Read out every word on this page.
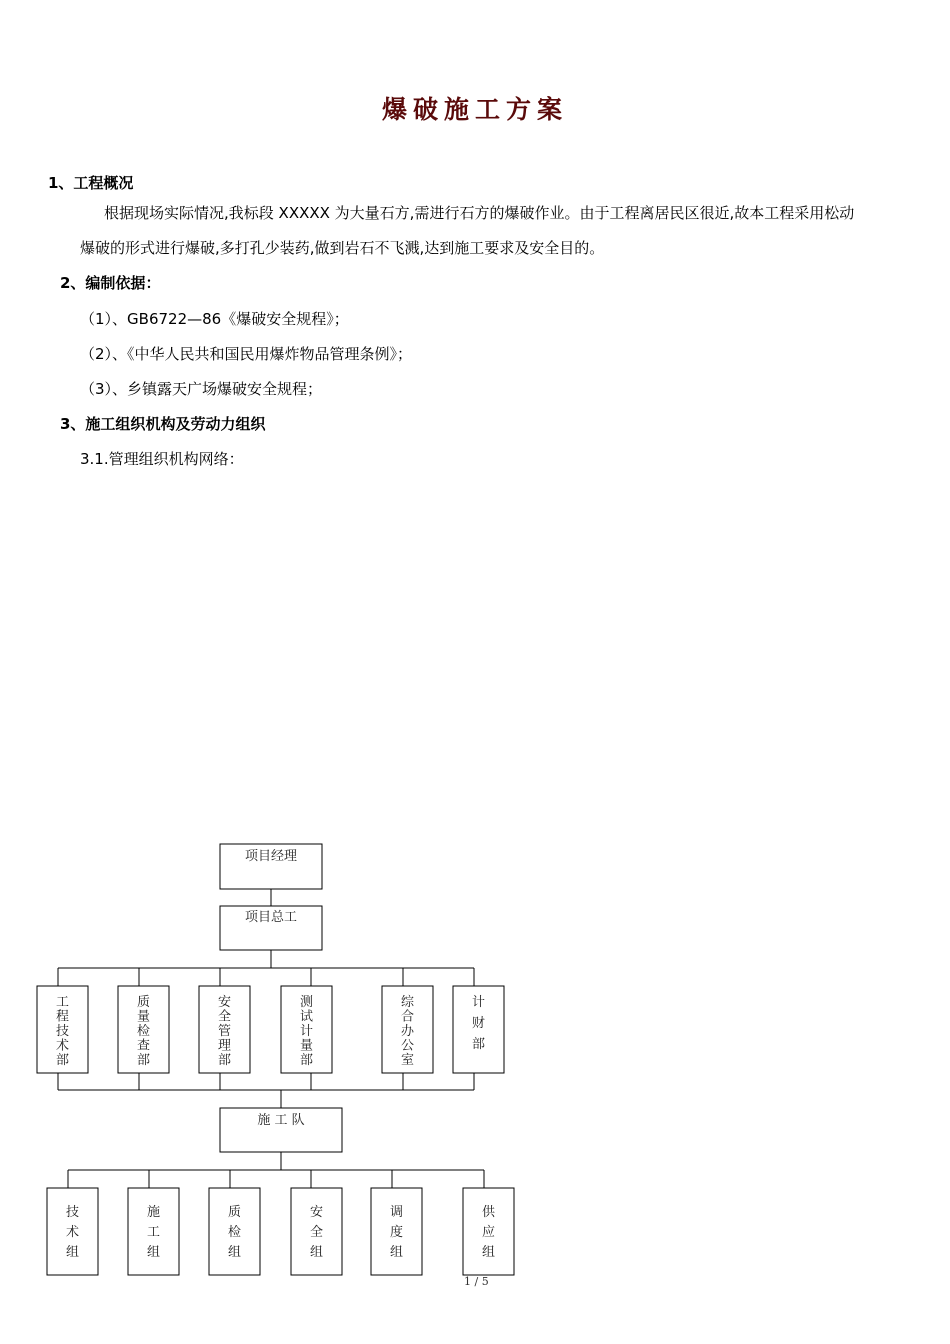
爆破施工方案
1、工程概况
根据现场实际情况,我标段 XXXXX 为大量石方,需进行石方的爆破作业。由于工程离居民区很近,故本工程采用松动
爆破的形式进行爆破,多打孔少装药,做到岩石不飞溅,达到施工要求及安全目的。
2、编制依据：
（1）、GB6722—86《爆破安全规程》；
（2）、《中华人民共和国民用爆炸物品管理条例》；
（3）、乡镇露天广场爆破安全规程；
3、施工组织机构及劳动力组织
3.1.管理组织机构网络：
项目经理
项目总工
工
程
技
术
部
质
量
检
查
部
安
全
管
理
部
测
试
计
量
部
综
合
办
公
室
计
财
部
施 工 队
技
术
组
施
工
组
质
检
组
安
全
组
调
度
组
供
应
组
1 / 5
